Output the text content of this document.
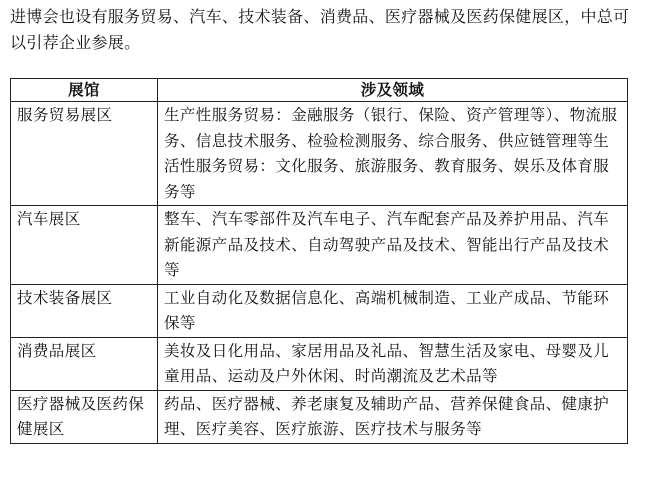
进博会也设有服务贸易、汽车、技术装备、消费品、医疗器械及医药保健展区，中总可以引荐企业参展。

展馆	涉及领域
服务贸易展区	生产性服务贸易：金融服务（银行、保险、资产管理等）、物流服务、信息技术服务、检验检测服务、综合服务、供应链管理等生活性服务贸易：文化服务、旅游服务、教育服务、娱乐及体育服务等
汽车展区	整车、汽车零部件及汽车电子、汽车配套产品及养护用品、汽车新能源产品及技术、自动驾驶产品及技术、智能出行产品及技术等
技术装备展区	工业自动化及数据信息化、高端机械制造、工业产成品、节能环保等
消费品展区	美妆及日化用品、家居用品及礼品、智慧生活及家电、母婴及儿童用品、运动及户外休闲、时尚潮流及艺术品等
医疗器械及医药保健展区	药品、医疗器械、养老康复及辅助产品、营养保健食品、健康护理、医疗美容、医疗旅游、医疗技术与服务等
